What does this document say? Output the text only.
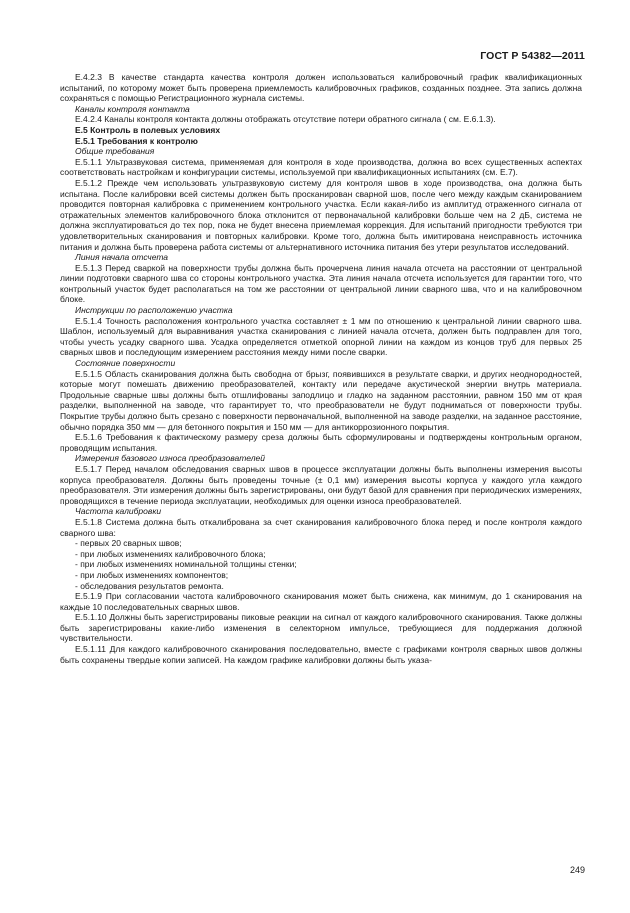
ГОСТ Р 54382—2011

E.4.2.3 В качестве стандарта качества контроля должен использоваться калибровочный график квалификационных испытаний, по которому может быть проверена приемлемость калибровочных графиков, созданных позднее. Эта запись должна сохраняться с помощью Регистрационного журнала системы.

Каналы контроля контакта

E.4.2.4 Каналы контроля контакта должны отображать отсутствие потери обратного сигнала ( см. Е.6.1.3).

E.5 Контроль в полевых условиях

E.5.1 Требования к контролю

Общие требования

E.5.1.1 Ультразвуковая система, применяемая для контроля в ходе производства, должна во всех существенных аспектах соответствовать настройкам и конфигурации системы, используемой при квалификационных испытаниях (см. Е.7).

E.5.1.2 Прежде чем использовать ультразвуковую систему для контроля швов в ходе производства, она должна быть испытана. После калибровки всей системы должен быть просканирован сварной шов, после чего между каждым сканированием проводится повторная калибровка с применением контрольного участка. Если какая-либо из амплитуд отраженного сигнала от отражательных элементов калибровочного блока отклонится от первоначальной калибровки больше чем на 2 дБ, система не должна эксплуатироваться до тех пор, пока не будет внесена приемлемая коррекция. Для испытаний пригодности требуются три удовлетворительных сканирования и повторных калибровки. Кроме того, должна быть имитирована неисправность источника питания и должна быть проверена работа системы от альтернативного источника питания без утери результатов исследований.

Линия начала отсчета

E.5.1.3 Перед сваркой на поверхности трубы должна быть прочерчена линия начала отсчета на расстоянии от центральной линии подготовки сварного шва со стороны контрольного участка. Эта линия начала отсчета используется для гарантии того, что контрольный участок будет располагаться на том же расстоянии от центральной линии сварного шва, что и на калибровочном блоке.

Инструкции по расположению участка

E.5.1.4 Точность расположения контрольного участка составляет ± 1 мм по отношению к центральной линии сварного шва. Шаблон, используемый для выравнивания участка сканирования с линией начала отсчета, должен быть подправлен для того, чтобы учесть усадку сварного шва. Усадка определяется отметкой опорной линии на каждом из концов труб для первых 25 сварных швов и последующим измерением расстояния между ними после сварки.

Состояние поверхности

E.5.1.5 Область сканирования должна быть свободна от брызг, появившихся в результате сварки, и других неоднородностей, которые могут помешать движению преобразователей, контакту или передаче акустической энергии внутрь материала. Продольные сварные швы должны быть отшлифованы заподлицо и гладко на заданном расстоянии, равном 150 мм от края разделки, выполненной на заводе, что гарантирует то, что преобразователи не будут подниматься от поверхности трубы. Покрытие трубы должно быть срезано с поверхности первоначальной, выполненной на заводе разделки, на заданное расстояние, обычно порядка 350 мм — для бетонного покрытия и 150 мм — для антикоррозионного покрытия.

E.5.1.6 Требования к фактическому размеру среза должны быть сформулированы и подтверждены контрольным органом, проводящим испытания.

Измерения базового износа преобразователей

E.5.1.7 Перед началом обследования сварных швов в процессе эксплуатации должны быть выполнены измерения высоты корпуса преобразователя. Должны быть проведены точные (± 0,1 мм) измерения высоты корпуса у каждого угла каждого преобразователя. Эти измерения должны быть зарегистрированы, они будут базой для сравнения при периодических измерениях, проводящихся в течение периода эксплуатации, необходимых для оценки износа преобразователей.

Частота калибровки

E.5.1.8 Система должна быть откалибрована за счет сканирования калибровочного блока перед и после контроля каждого сварного шва:

- первых 20 сварных швов;

- при любых изменениях калибровочного блока;

- при любых изменениях номинальной толщины стенки;

- при любых изменениях компонентов;

- обследования результатов ремонта.

E.5.1.9 При согласовании частота калибровочного сканирования может быть снижена, как минимум, до 1 сканирования на каждые 10 последовательных сварных швов.

E.5.1.10 Должны быть зарегистрированы пиковые реакции на сигнал от каждого калибровочного сканирования. Также должны быть зарегистрированы какие-либо изменения в селекторном импульсе, требующиеся для поддержания должной чувствительности.

E.5.1.11 Для каждого калибровочного сканирования последовательно, вместе с графиками контроля сварных швов должны быть сохранены твердые копии записей. На каждом графике калибровки должны быть указа-

249
